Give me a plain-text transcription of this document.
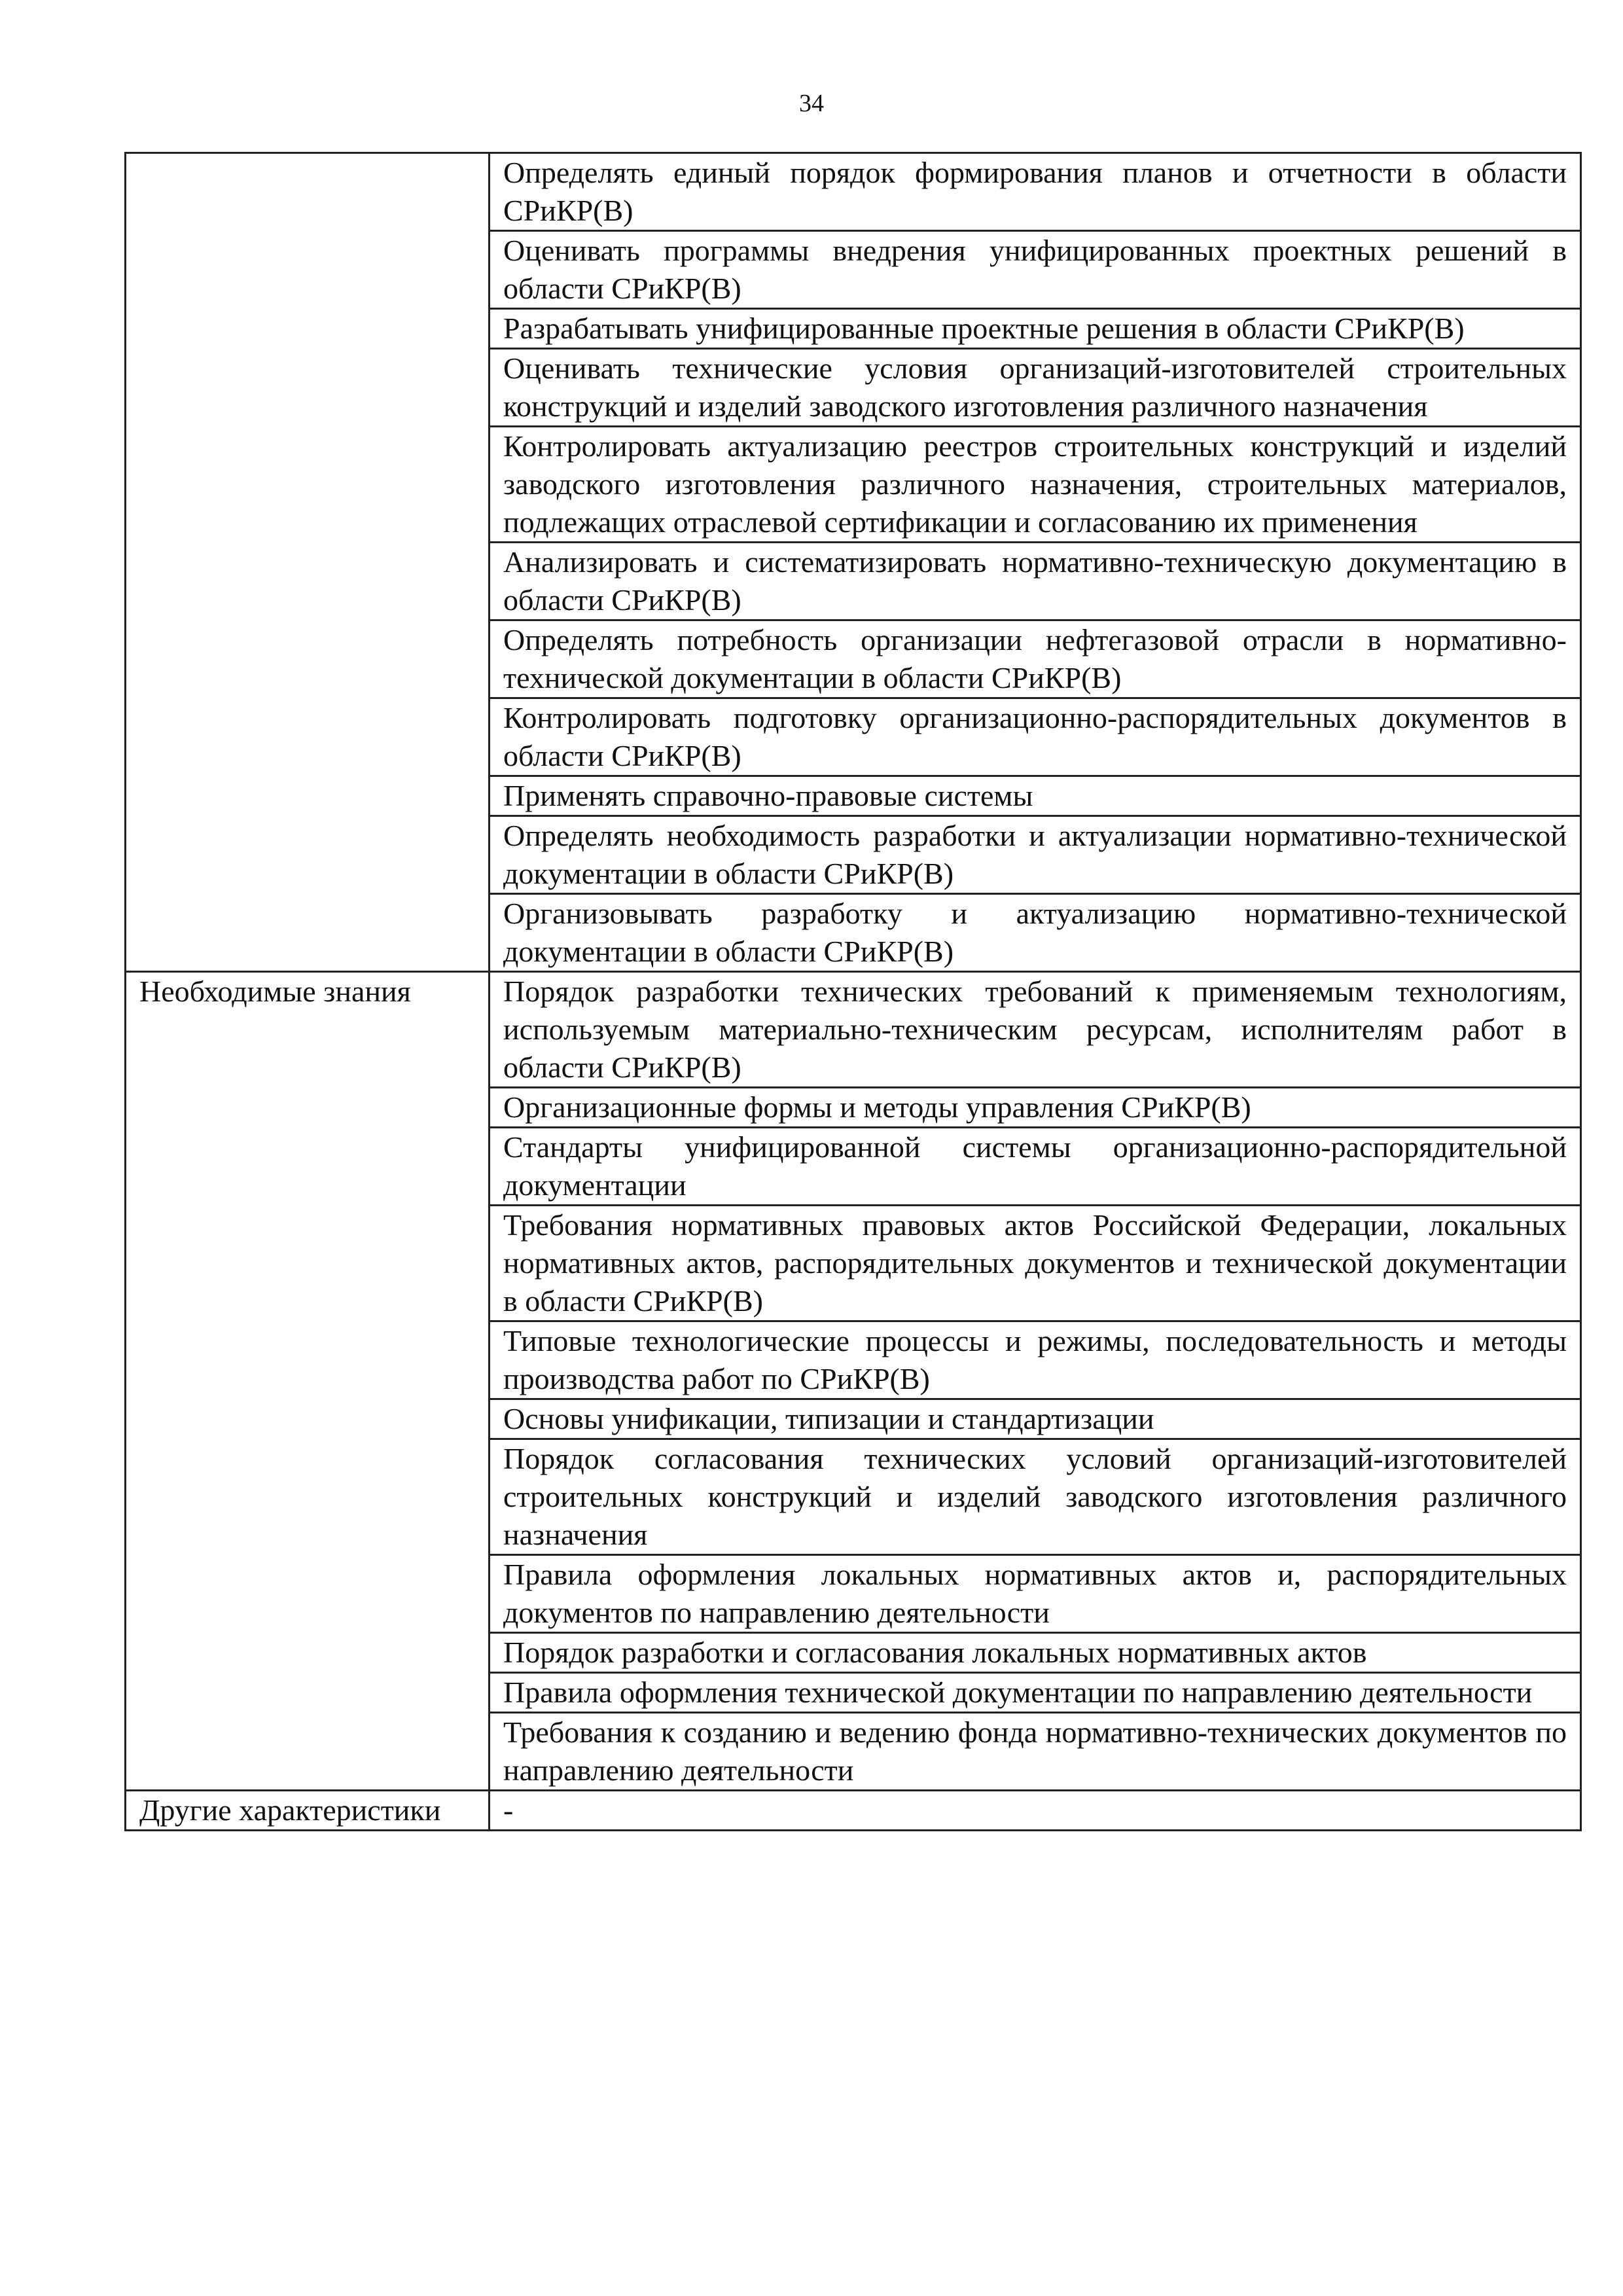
34
	Определять единый порядок формирования планов и отчетности в области СРиКР(В)
	Оценивать программы внедрения унифицированных проектных решений в области СРиКР(В)
	Разрабатывать унифицированные проектные решения в области СРиКР(В)
	Оценивать технические условия организаций-изготовителей строительных конструкций и изделий заводского изготовления различного назначения
	Контролировать актуализацию реестров строительных конструкций и изделий заводского изготовления различного назначения, строительных материалов, подлежащих отраслевой сертификации и согласованию их применения
	Анализировать и систематизировать нормативно-техническую документацию в области СРиКР(В)
	Определять потребность организации нефтегазовой отрасли в нормативно-технической документации в области СРиКР(В)
	Контролировать подготовку организационно-распорядительных документов в области СРиКР(В)
	Применять справочно-правовые системы
	Определять необходимость разработки и актуализации нормативно-технической документации в области СРиКР(В)
	Организовывать разработку и актуализацию нормативно-технической документации в области СРиКР(В)
Необходимые знания	Порядок разработки технических требований к применяемым технологиям, используемым материально-техническим ресурсам, исполнителям работ в области СРиКР(В)
	Организационные формы и методы управления СРиКР(В)
	Стандарты унифицированной системы организационно-распорядительной документации
	Требования нормативных правовых актов Российской Федерации, локальных нормативных актов, распорядительных документов и технической документации в области СРиКР(В)
	Типовые технологические процессы и режимы, последовательность и методы производства работ по СРиКР(В)
	Основы унификации, типизации и стандартизации
	Порядок согласования технических условий организаций-изготовителей строительных конструкций и изделий заводского изготовления различного назначения
	Правила оформления локальных нормативных актов и, распорядительных документов по направлению деятельности
	Порядок разработки и согласования локальных нормативных актов
	Правила оформления технической документации по направлению деятельности
	Требования к созданию и ведению фонда нормативно-технических документов по направлению деятельности
Другие характеристики	-
